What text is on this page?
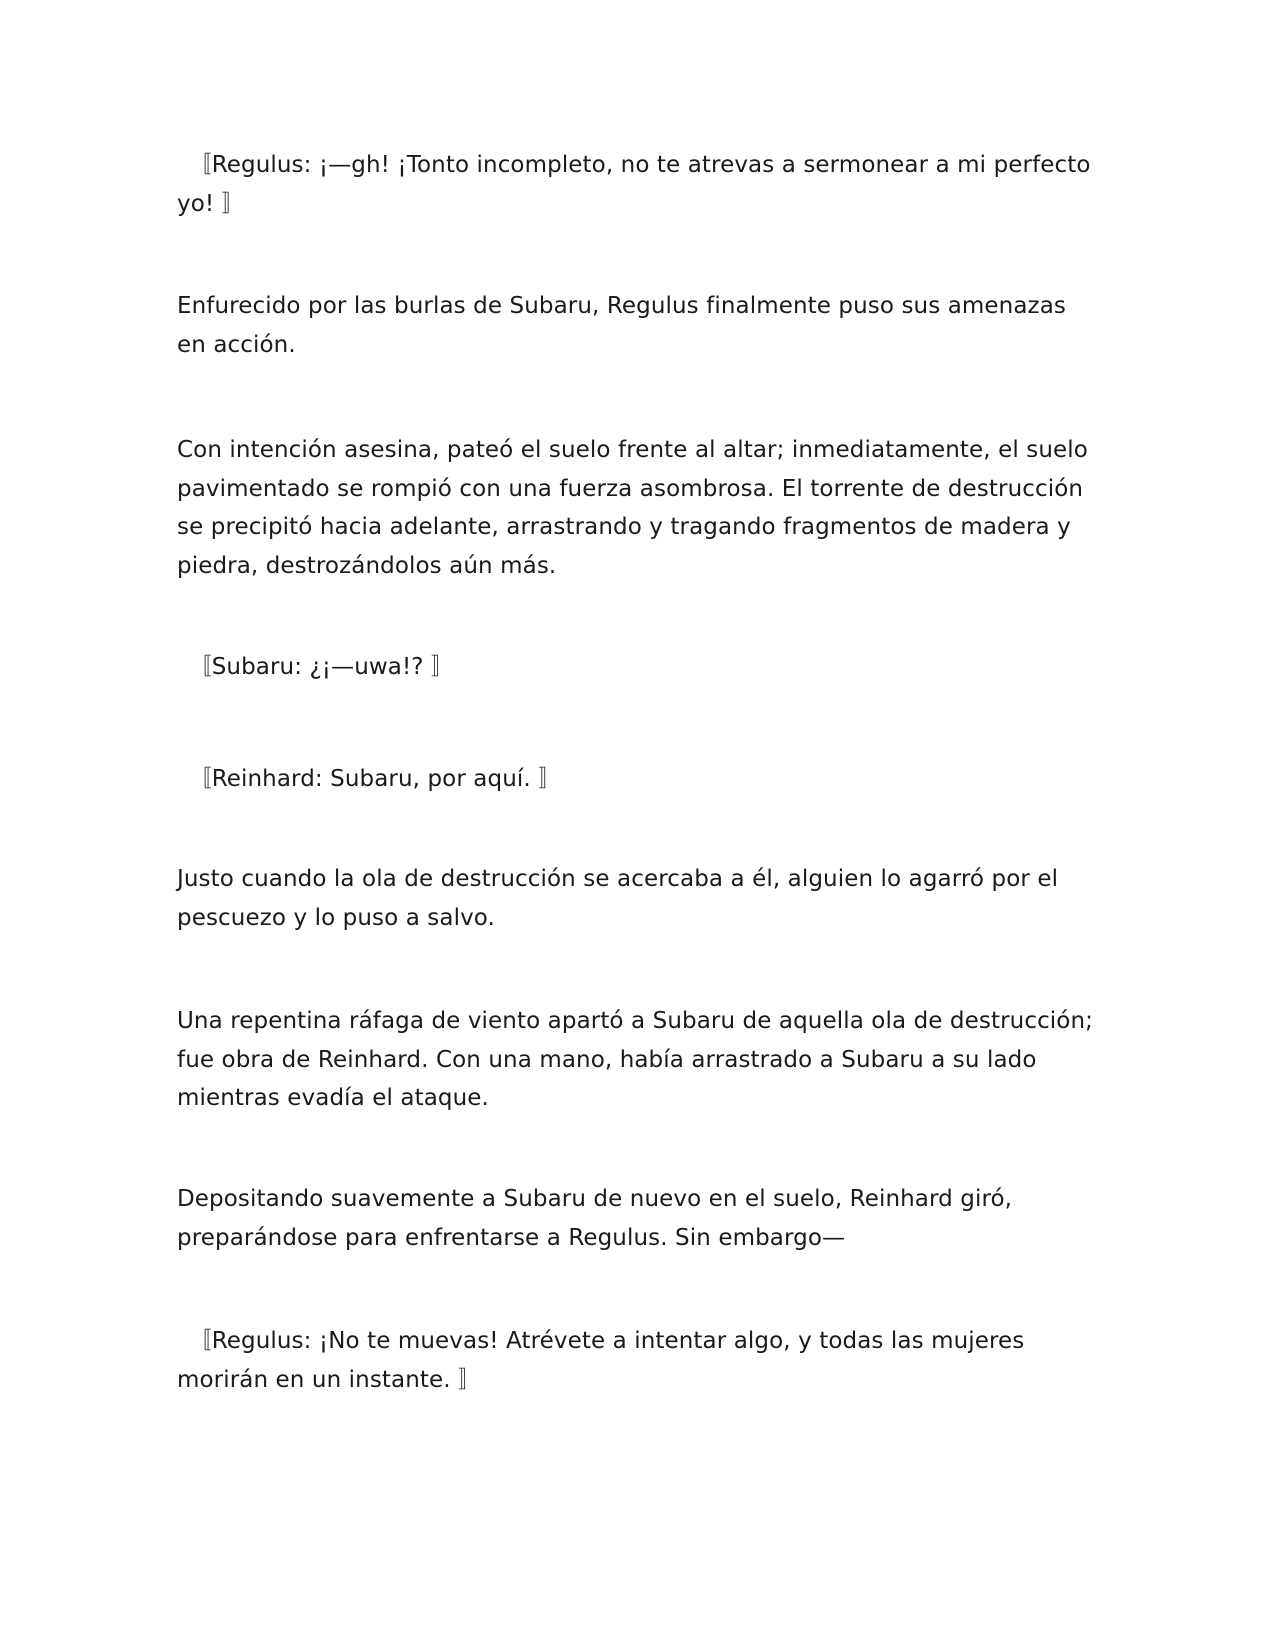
　〚Regulus: ¡—gh! ¡Tonto incompleto, no te atrevas a sermonear a mi perfecto yo! 〛

Enfurecido por las burlas de Subaru, Regulus finalmente puso sus amenazas en acción.

Con intención asesina, pateó el suelo frente al altar; inmediatamente, el suelo pavimentado se rompió con una fuerza asombrosa. El torrente de destrucción se precipitó hacia adelante, arrastrando y tragando fragmentos de madera y piedra, destrozándolos aún más.

　〚Subaru: ¿¡—uwa!? 〛

　〚Reinhard: Subaru, por aquí. 〛

Justo cuando la ola de destrucción se acercaba a él, alguien lo agarró por el pescuezo y lo puso a salvo.

Una repentina ráfaga de viento apartó a Subaru de aquella ola de destrucción; fue obra de Reinhard. Con una mano, había arrastrado a Subaru a su lado mientras evadía el ataque.

Depositando suavemente a Subaru de nuevo en el suelo, Reinhard giró, preparándose para enfrentarse a Regulus. Sin embargo—

　〚Regulus: ¡No te muevas! Atrévete a intentar algo, y todas las mujeres morirán en un instante. 〛
